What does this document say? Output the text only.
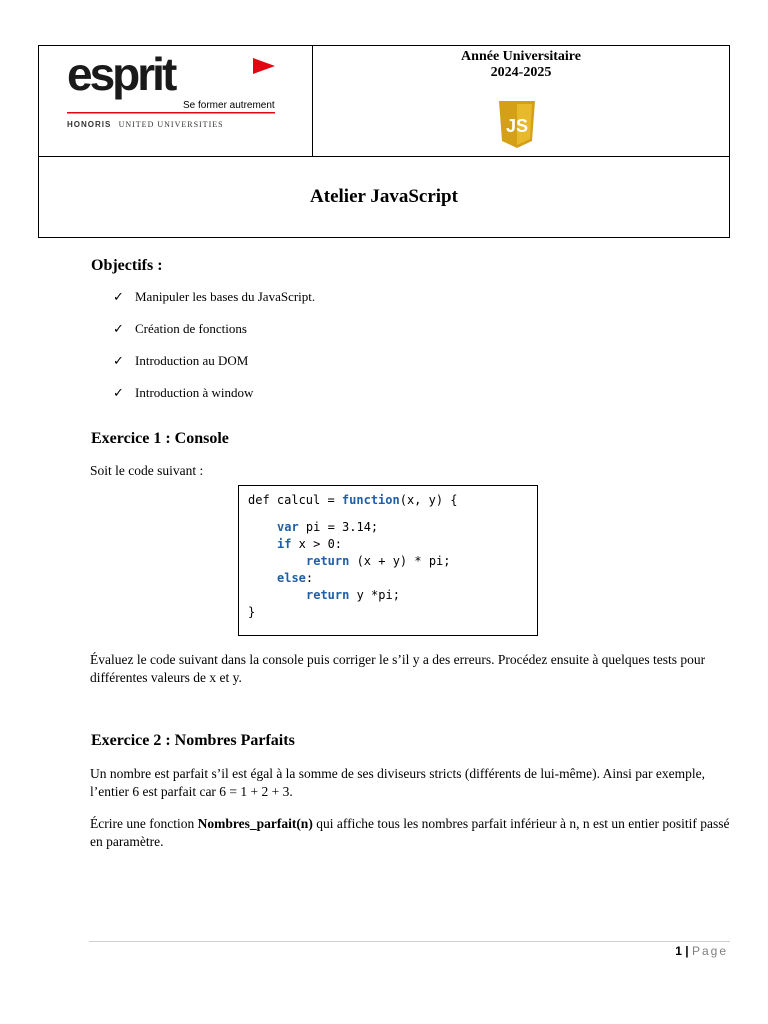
esprit
Se former autrement
HONORIS UNITED UNIVERSITIES
Année Universitaire
2024-2025
JS
Atelier JavaScript
Objectifs :
✓ Manipuler les bases du JavaScript.
✓ Création de fonctions
✓ Introduction au DOM
✓ Introduction à window
Exercice 1 : Console
Soit le code suivant :
def calcul = function(x, y) {
var pi = 3.14;
if x > 0:
return (x + y) * pi;
else:
return y *pi;
}
Évaluez le code suivant dans la console puis corriger le s’il y a des erreurs. Procédez ensuite à quelques tests pour différentes valeurs de x et y.
Exercice 2 : Nombres Parfaits
Un nombre est parfait s’il est égal à la somme de ses diviseurs stricts (différents de lui-même). Ainsi par exemple, l’entier 6 est parfait car 6 = 1 + 2 + 3.
Écrire une fonction Nombres_parfait(n) qui affiche tous les nombres parfait inférieur à n, n est un entier positif passé en paramètre.
1 | Page
